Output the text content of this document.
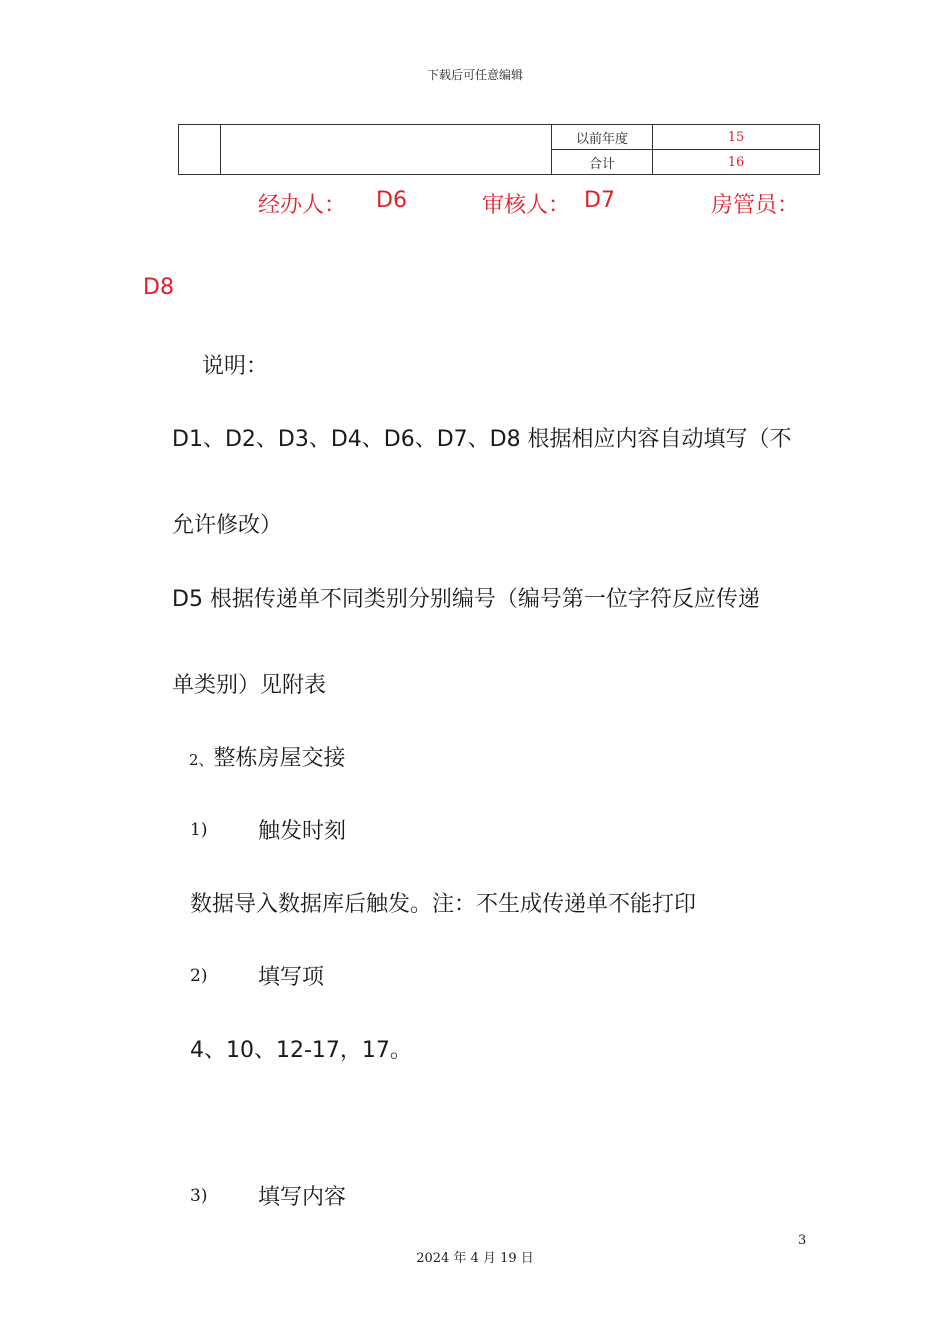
下载后可任意编辑
		以前年度	15
		合计	16
经办人： D6	审核人： D7	房管员：
D8
说明：
D1、D2、D3、D4、D6、D7、D8 根据相应内容自动填写（不
允许修改）
D5 根据传递单不同类别分别编号（编号第一位字符反应传递
单类别）见附表
2、整栋房屋交接
1) 触发时刻
数据导入数据库后触发。注：不生成传递单不能打印
2) 填写项
4、10、12-17，17。
3) 填写内容
3
2024 年 4 月 19 日
